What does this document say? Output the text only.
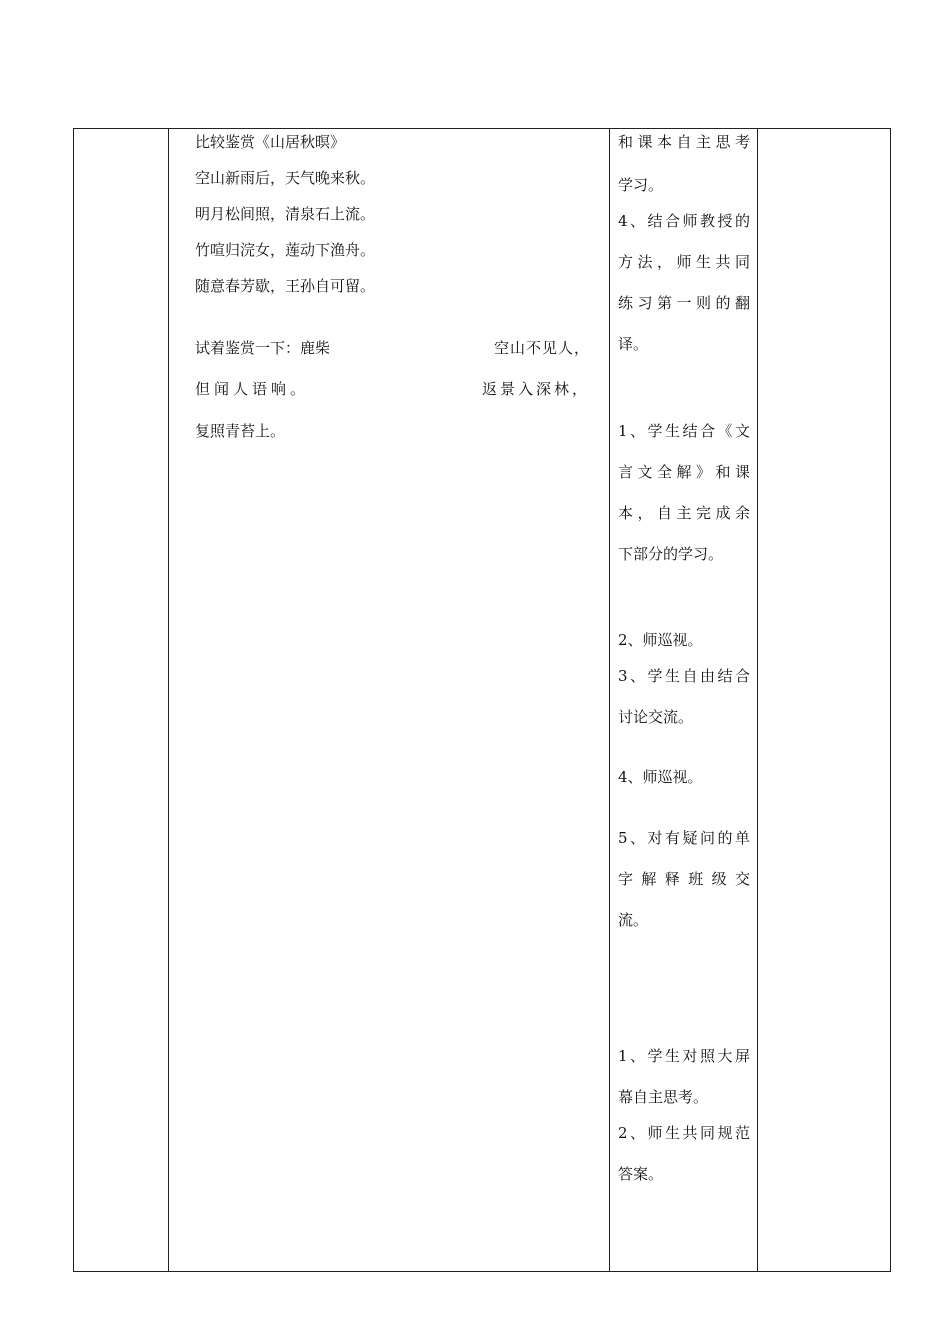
比较鉴赏《山居秋暝》
空山新雨后，天气晚来秋。
明月松间照，清泉石上流。
竹喧归浣女，莲动下渔舟。
随意春芳歇，王孙自可留。
试着鉴赏一下：鹿柴	空山不见人，
但闻人语响。	返景入深林，
复照青苔上。
和课本自主思考
学习。
4、结合师教授的
方法，师生共同
练习第一则的翻
译。
1、学生结合《文
言文全解》和课
本，自主完成余
下部分的学习。
2、师巡视。
3、学生自由结合
讨论交流。
4、师巡视。
5、对有疑问的单
字解释班级交
流。
1、学生对照大屏
幕自主思考。
2、师生共同规范
答案。
